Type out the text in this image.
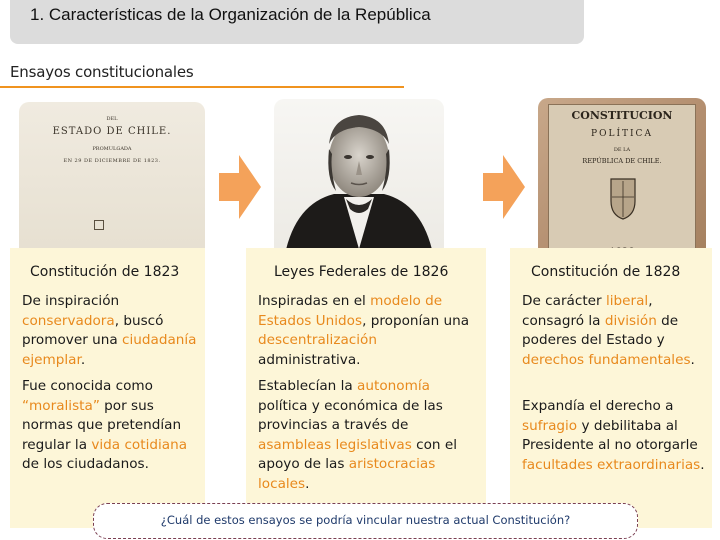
1. Características de la Organización de la República
Ensayos constitucionales
DEL
ESTADO DE CHILE.
PROMULGADA
EN 29 DE DICIEMBRE DE 1823.
CONSTITUCION
POLÍTICA
DE LA
REPÚBLICA DE CHILE.
Constitución de 1823	Leyes Federales de 1826	Constitución de 1828
De inspiración conservadora, buscó promover una ciudadanía ejemplar.
Fue conocida como “moralista” por sus normas que pretendían regular la vida cotidiana de los ciudadanos.
Inspiradas en el modelo de Estados Unidos, proponían una descentralización administrativa.
Establecían la autonomía política y económica de las provincias a través de asambleas legislativas con el apoyo de las aristocracias locales.
De carácter liberal, consagró la división de poderes del Estado y derechos fundamentales.
Expandía el derecho a sufragio y debilitaba al Presidente al no otorgarle facultades extraordinarias.
¿Cuál de estos ensayos se podría vincular nuestra actual Constitución?
